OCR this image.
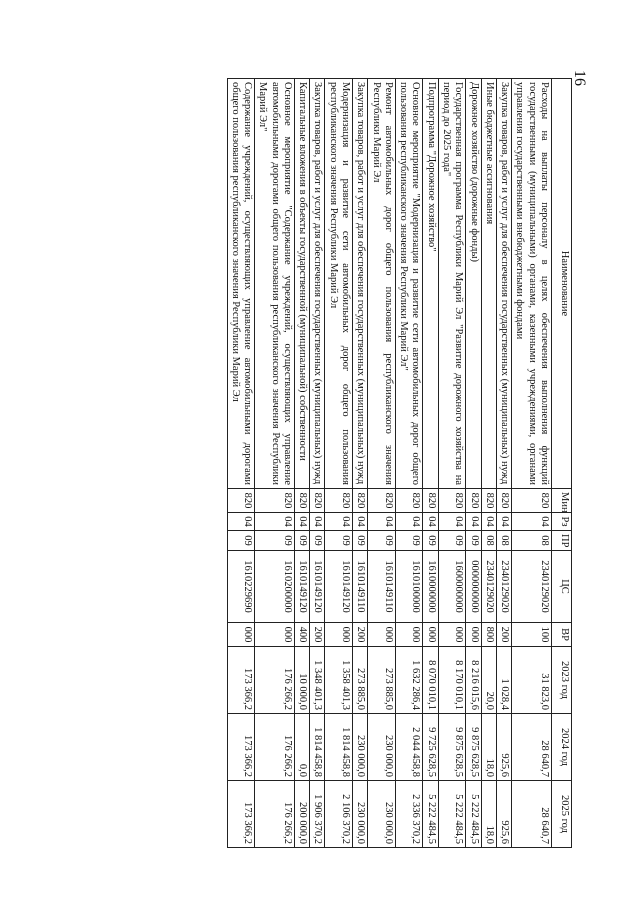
16
Наименование	Мин	Рз	ПР	ЦС	ВР	2023 год	2024 год	2025 год
Расходы на выплаты персоналу в целях обеспечения выполнения функций государственными (муниципальными) органами, казенными учреждениями, органами управления государственными внебюджетными фондами	820	04	08	2340129020	100	31 823,0	28 640,7	28 640,7
Закупка товаров, работ и услуг для обеспечения государственных (муниципальных) нужд	820	04	08	2340129020	200	1 028,4	925,6	925,6
Иные бюджетные ассигнования	820	04	08	2340129020	800	20,0	18,0	18,0
Дорожное хозяйство (дорожные фонды)	820	04	09	0000000000	000	8 216 015,6	9 875 628,5	5 222 484,5
Государственная программа Республики Марий Эл "Развитие дорожного хозяйства на период до 2025 года"	820	04	09	1600000000	000	8 170 010,1	9 875 628,5	5 222 484,5
Подпрограмма "Дорожное хозяйство"	820	04	09	1610000000	000	8 070 010,1	9 725 628,5	5 222 484,5
Основное мероприятие "Модернизация и развитие сети автомобильных дорог общего пользования республиканского значения Республики Марий Эл"	820	04	09	1610100000	000	1 632 286,4	2 044 458,8	2 336 370,2
Ремонт автомобильных дорог общего пользования республиканского значения Республики Марий Эл	820	04	09	1610149110	000	273 885,0	230 000,0	230 000,0
Закупка товаров, работ и услуг для обеспечения государственных (муниципальных) нужд	820	04	09	1610149110	200	273 885,0	230 000,0	230 000,0
Модернизация и развитие сети автомобильных дорог общего пользования республиканского значения Республики Марий Эл	820	04	09	1610149120	000	1 358 401,3	1 814 458,8	2 106 370,2
Закупка товаров, работ и услуг для обеспечения государственных (муниципальных) нужд	820	04	09	1610149120	200	1 348 401,3	1 814 458,8	1 906 370,2
Капитальные вложения в объекты государственной (муниципальной) собственности	820	04	09	1610149120	400	10 000,0	0,0	200 000,0
Основное мероприятие "Содержание учреждений, осуществляющих управление автомобильными дорогами общего пользования республиканского значения Республики Марий Эл"	820	04	09	1610200000	000	176 266,2	176 266,2	176 266,2
Содержание учреждений, осуществляющих управление автомобильными дорогами общего пользования республиканского значения Республики Марий Эл	820	04	09	1610229690	000	173 366,2	173 366,2	173 366,2
